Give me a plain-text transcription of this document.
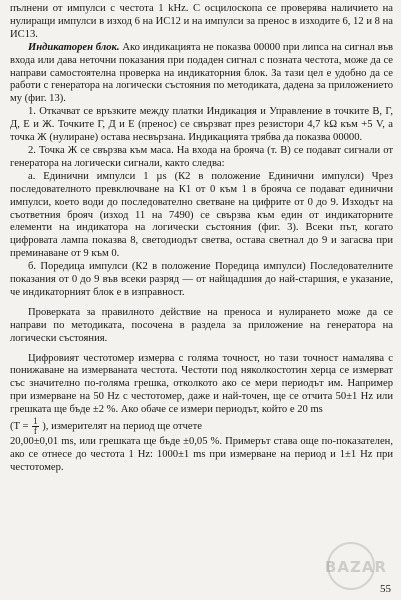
пълнени от импулси с честота 1 kHz. С осцилоскопа се проверява наличието на нулиращи импулси в изход 6 на ИС12 и на импулси за пренос в изходите 6, 12 и 8 на ИС13.

Индикаторен блок. Ако индикацията не показва 00000 при липса на сигнал във входа или дава неточни показания при подаден сигнал с позната честота, може да се направи самостоятелна проверка на индикаторния блок. За тази цел е удобно да се работи с генератора на логически състояния по методиката, дадена за приложението му (фиг. 13).

1. Откачват се връзките между платки Индикация и Управление в точките В, Г, Д, Е и Ж. Точките Г, Д и Е (пренос) се свързват през резистори 4,7 kΩ към +5 V, а точка Ж (нулиране) остава несвързана. Индикацията трябва да показва 00000.

2. Точка Ж се свързва към маса. На входа на брояча (т. В) се подават сигнали от генератора на логически сигнали, както следва:

а. Единични импулси 1 µs (К2 в положение Единични импулси) Чрез последователното превключване на К1 от 0 към 1 в брояча се подават единични импулси, което води до последователно светване на цифрите от 0 до 9. Изходът на съответния брояч (изход 11 на 7490) се свързва към един от индикаторните елементи на индикатора на логически състояния (фиг. 3). Всеки път, когато цифровата лампа показва 8, светодиодът светва, остава светнал до 9 и загасва при преминаване от 9 към 0.

б. Поредица импулси (К2 в положение Поредица импулси) Последователните показания от 0 до 9 във всеки разряд — от найщадшия до най-старшия, е указание, че индикаторният блок е в изправност.

Проверката за правилното действие на преноса и нулирането може да се направи по методиката, посочена в раздела за приложение на генератора на логически състояния.

Цифровият честотомер измерва с голяма точност, но тази точност намалява с понижаване на измерваната честота. Честоти под няколкостотин херца се измерват със значително по-голяма грешка, отколкото ако се мери периодът им. Например при измерване на 50 Hz с честотомер, даже и най-точен, ще се отчита 50±1 Hz или грешката ще бъде ±2 %. Ако обаче се измери периодът, който е 20 ms

($T = \frac{1}{f}$ ), измерителят на период ще отчете

20,00±0,01 ms, или грешката ще бъде ±0,05 %. Примерът става още по-показателен, ако се отнесе до честота 1 Hz: 1000±1 ms при измерване на период и 1±1 Hz при честотомер.

BAZAR
55
